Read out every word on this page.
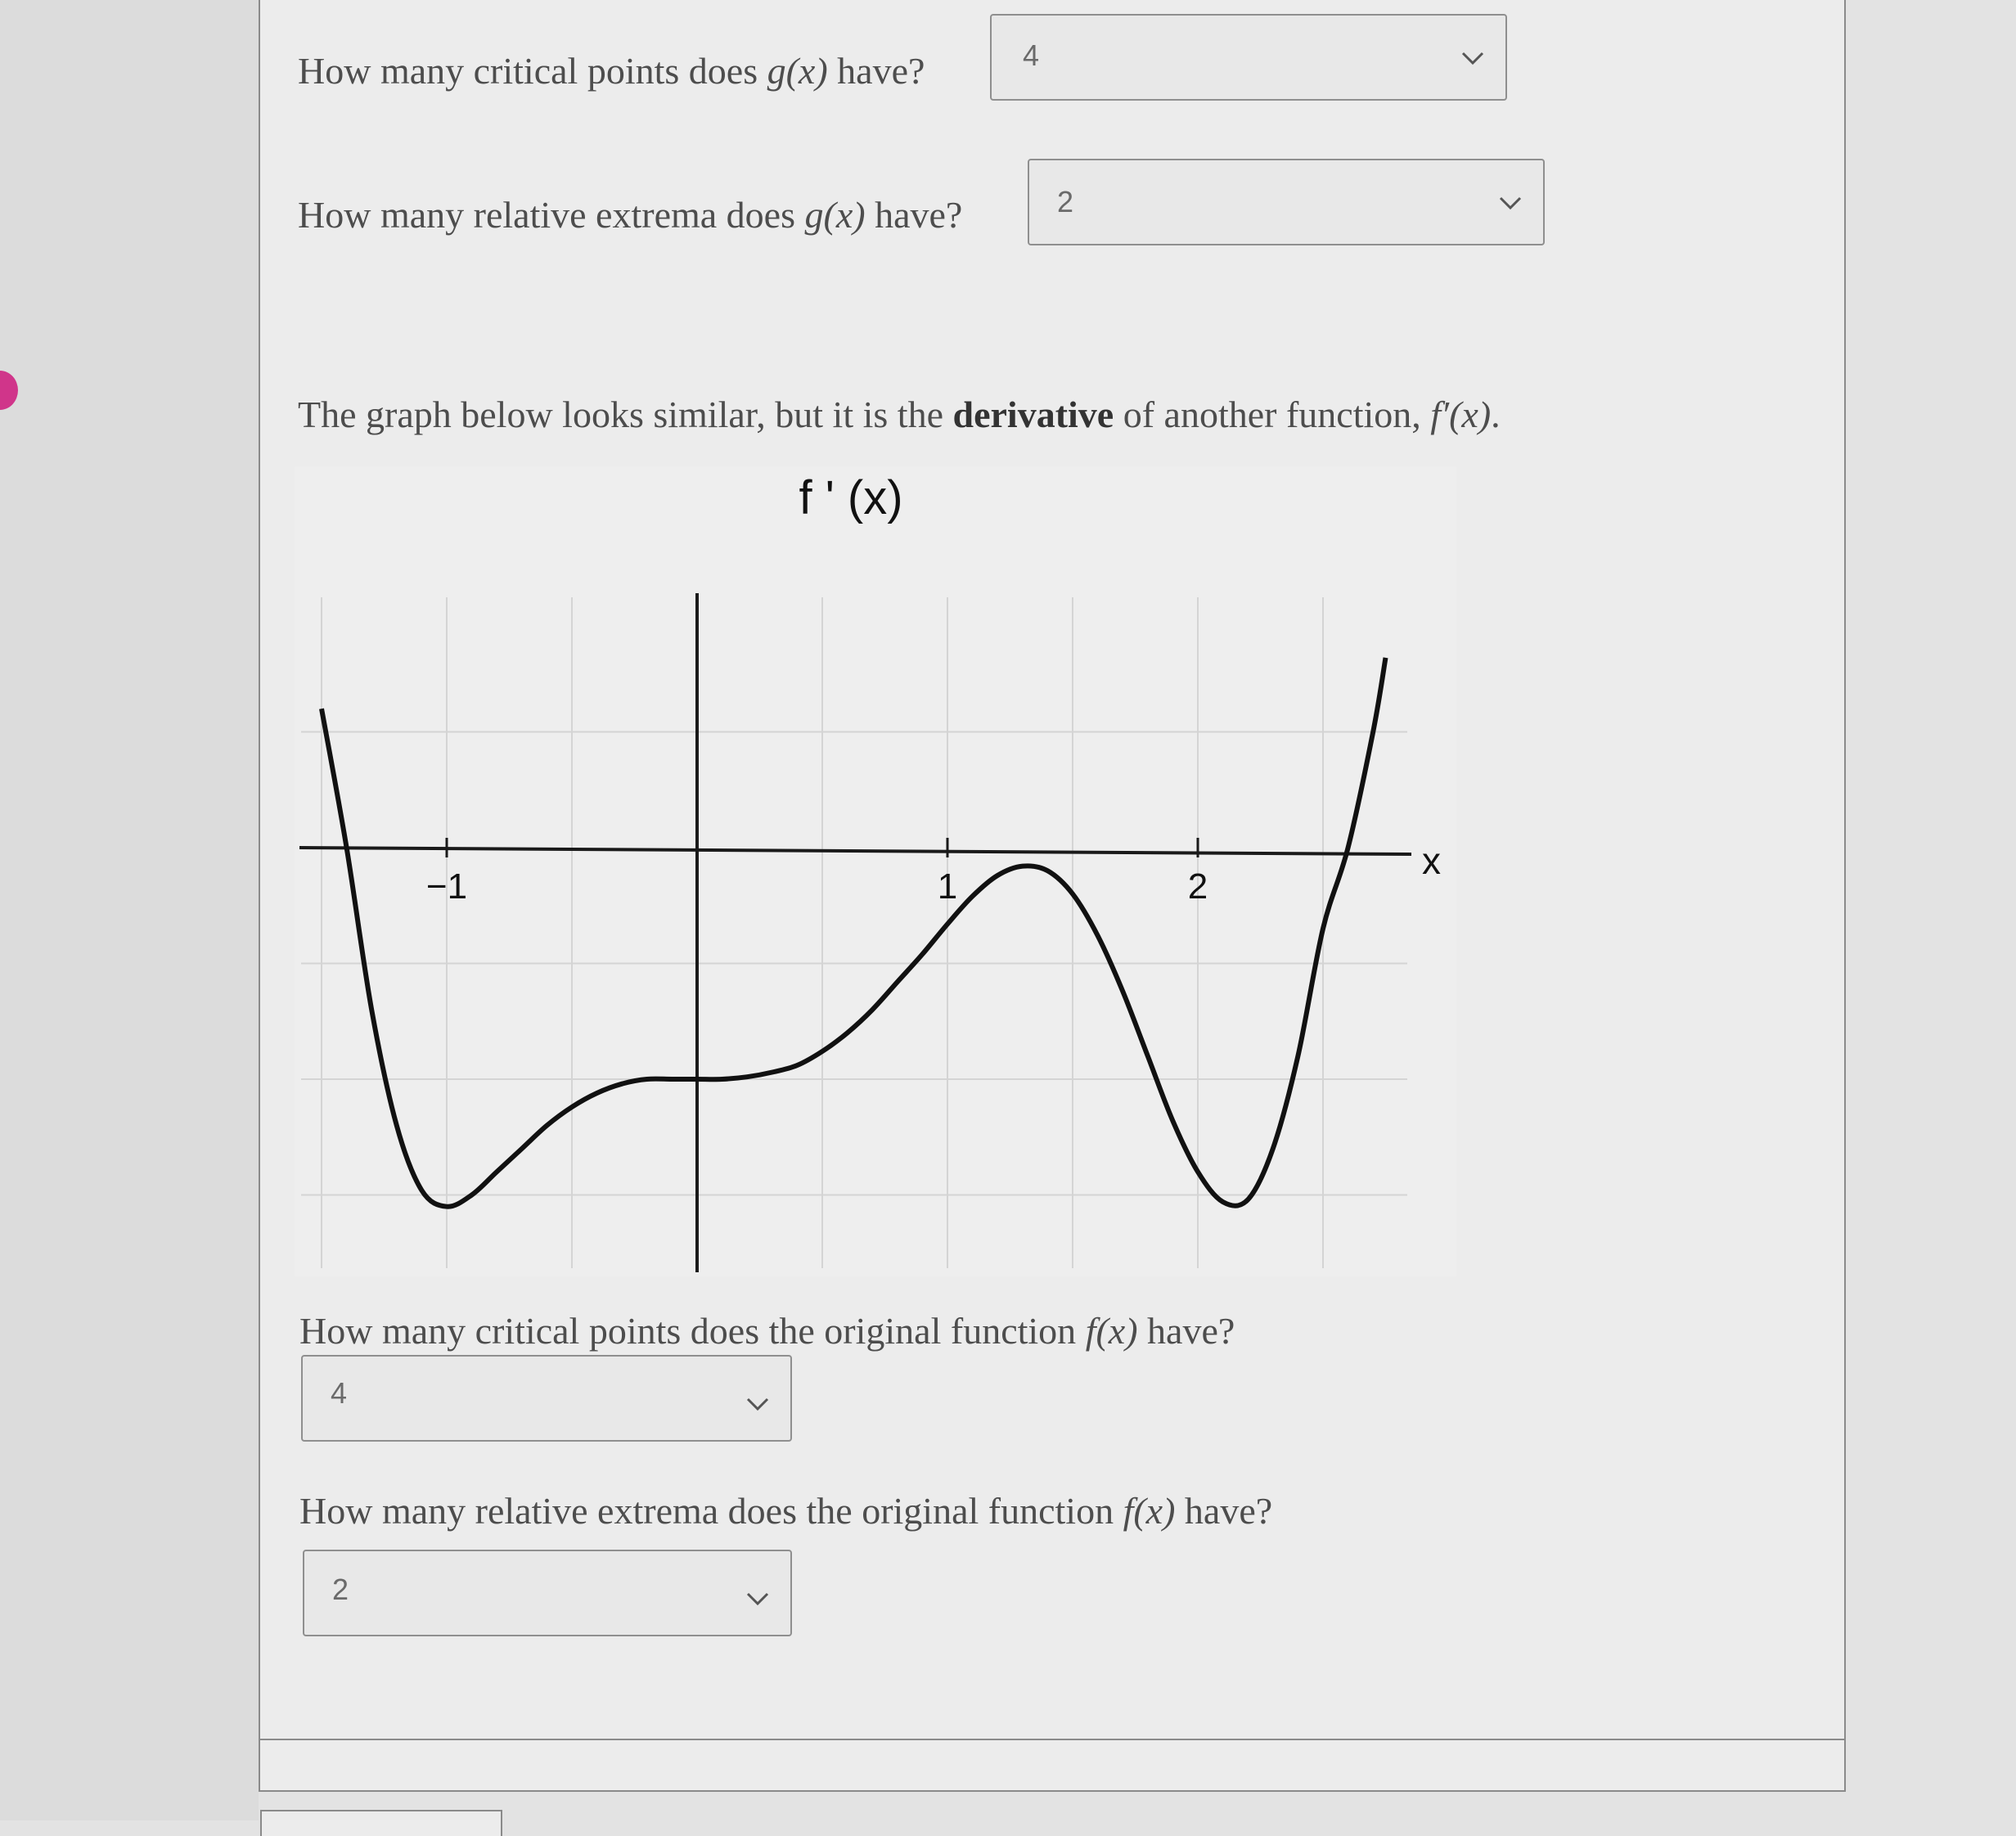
How many critical points does g(x) have?	4
How many relative extrema does g(x) have?	2
The graph below looks similar, but it is the derivative of another function, f′(x).
f ' (x)
−1	1	2
x
How many critical points does the original function f(x) have?
4
How many relative extrema does the original function f(x) have?
2
